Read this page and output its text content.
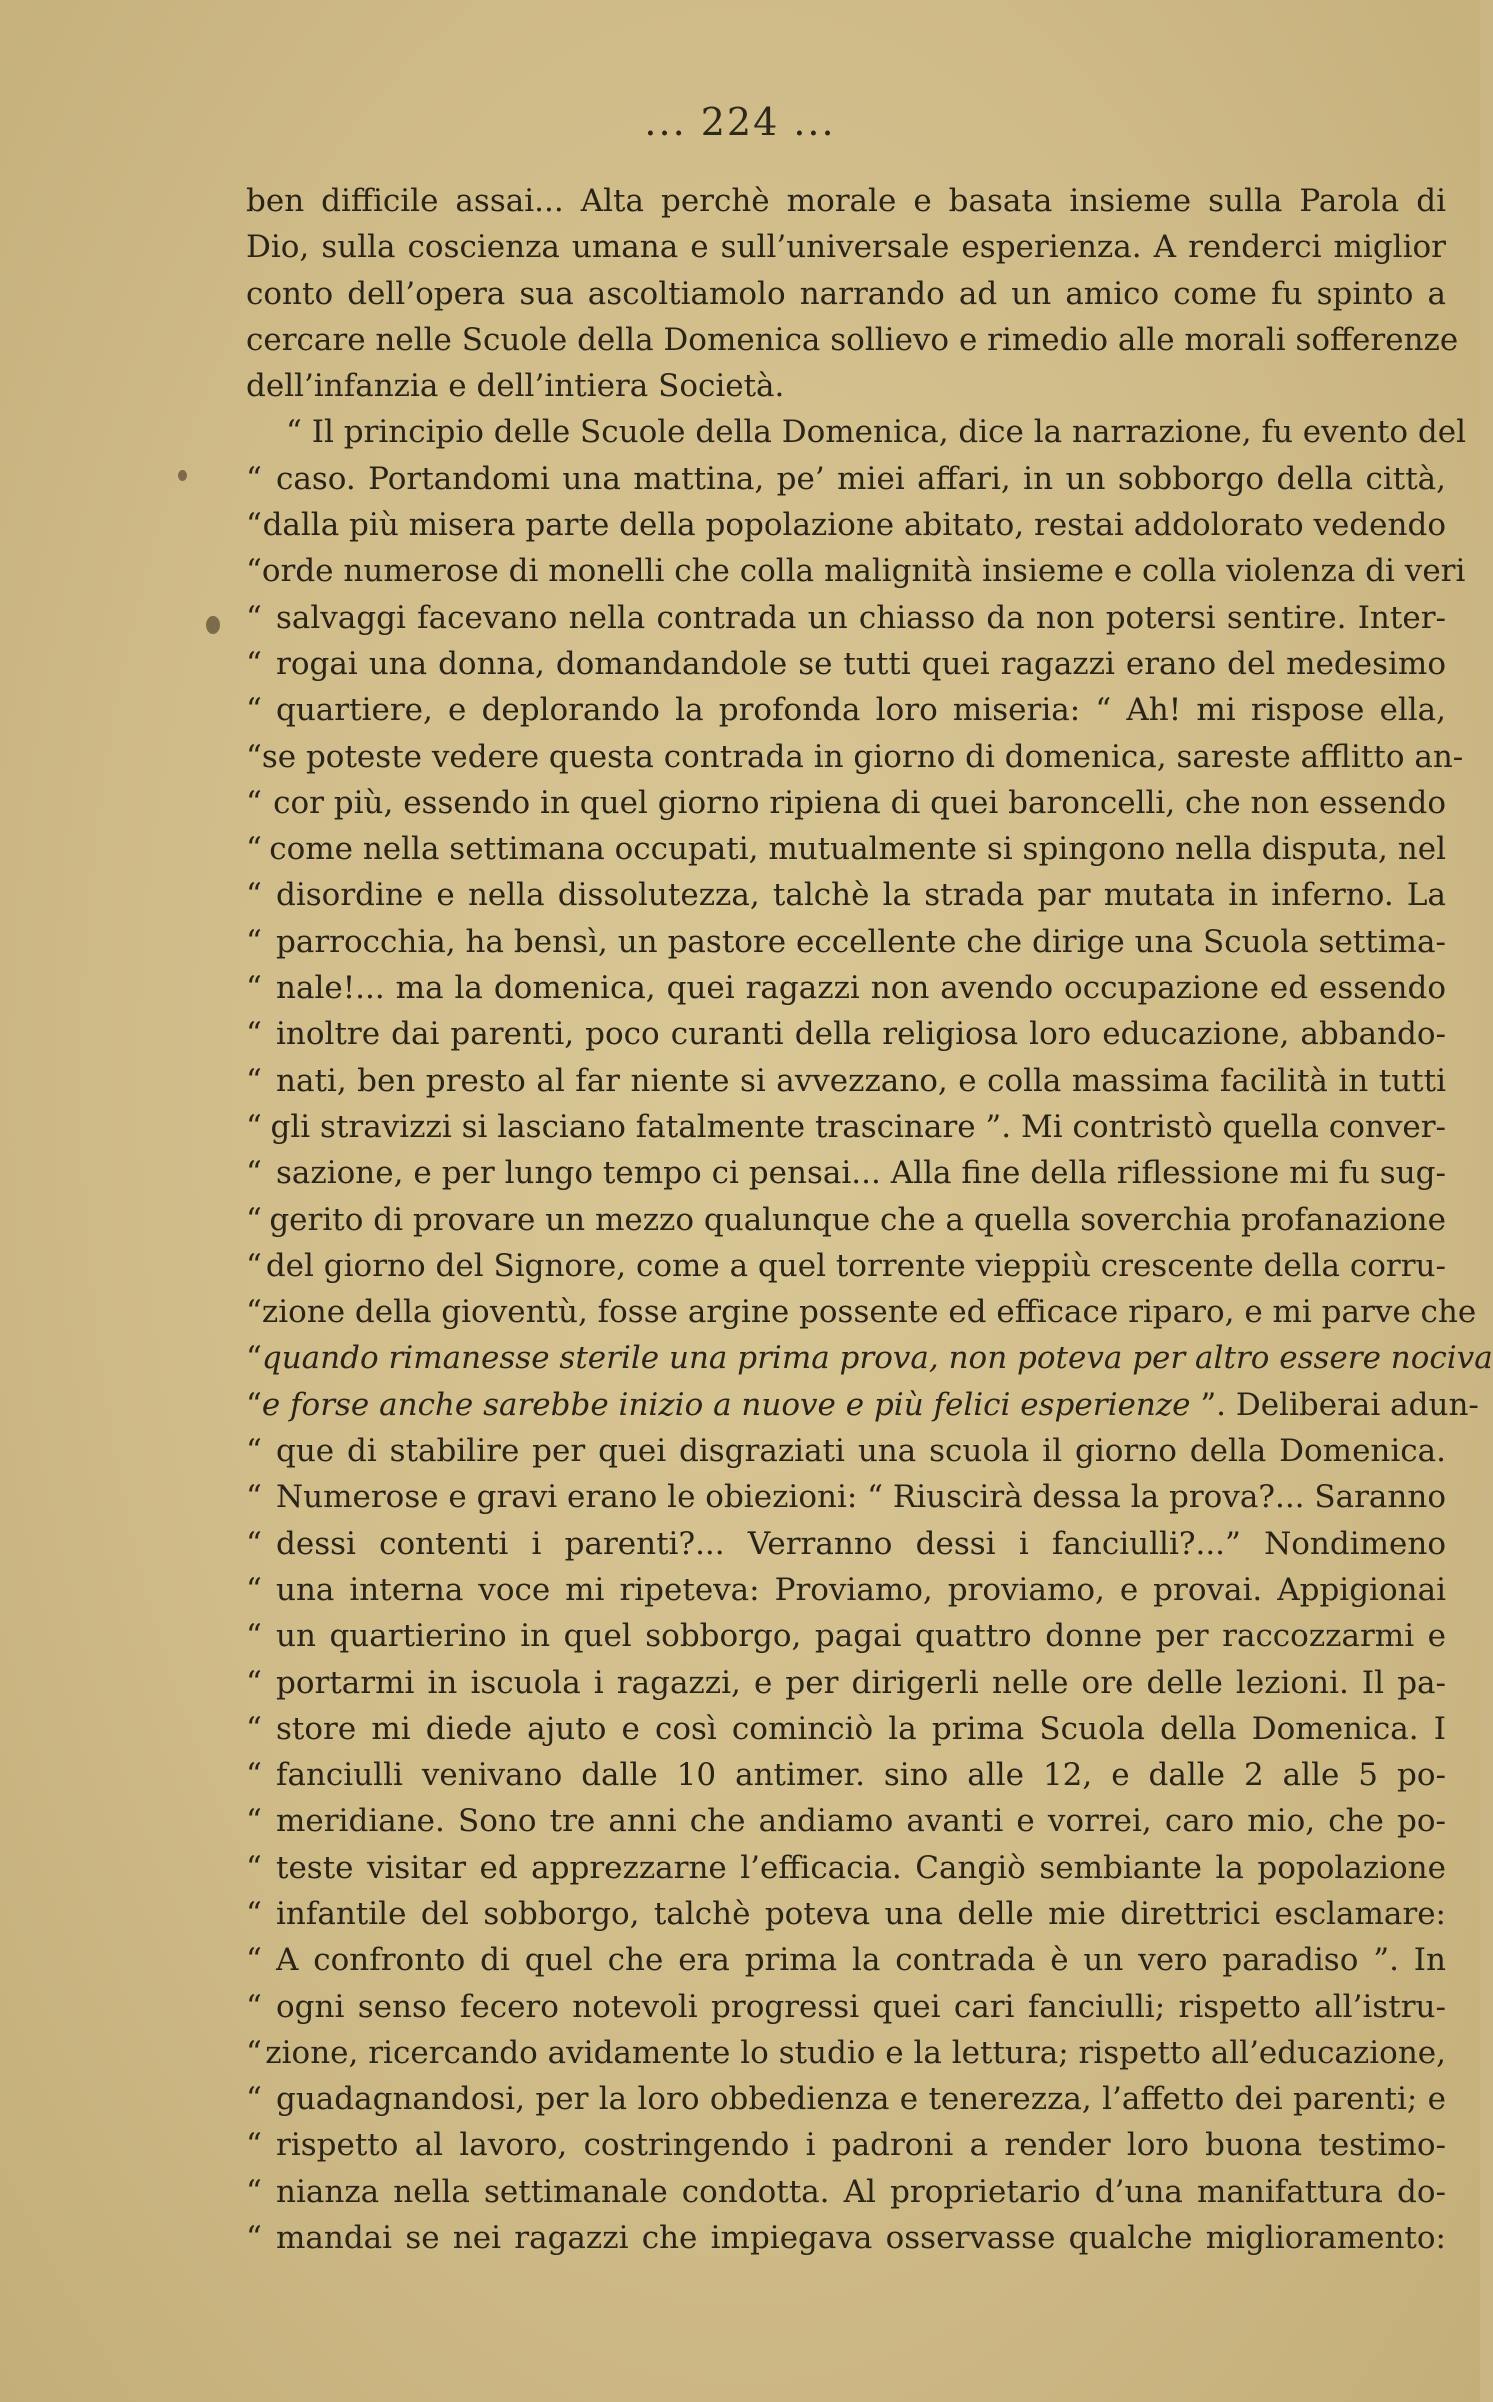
... 224 ...
ben difficile assai... Alta perchè morale e basata insieme sulla Parola di
Dio, sulla coscienza umana e sull’universale esperienza. A renderci miglior
conto dell’opera sua ascoltiamolo narrando ad un amico come fu spinto a
cercare nelle Scuole della Domenica sollievo e rimedio alle morali sofferenze
dell’infanzia e dell’intiera Società.
“ Il principio delle Scuole della Domenica, dice la narrazione, fu evento del
“ caso. Portandomi una mattina, pe’ miei affari, in un sobborgo della città,
“ dalla più misera parte della popolazione abitato, restai addolorato vedendo
“ orde numerose di monelli che colla malignità insieme e colla violenza di veri
“ salvaggi facevano nella contrada un chiasso da non potersi sentire. Inter-
“ rogai una donna, domandandole se tutti quei ragazzi erano del medesimo
“ quartiere, e deplorando la profonda loro miseria: “ Ah! mi rispose ella,
“ se poteste vedere questa contrada in giorno di domenica, sareste afflitto an-
“ cor più, essendo in quel giorno ripiena di quei baroncelli, che non essendo
“ come nella settimana occupati, mutualmente si spingono nella disputa, nel
“ disordine e nella dissolutezza, talchè la strada par mutata in inferno. La
“ parrocchia, ha bensì, un pastore eccellente che dirige una Scuola settima-
“ nale!... ma la domenica, quei ragazzi non avendo occupazione ed essendo
“ inoltre dai parenti, poco curanti della religiosa loro educazione, abbando-
“ nati, ben presto al far niente si avvezzano, e colla massima facilità in tutti
“ gli stravizzi si lasciano fatalmente trascinare ”. Mi contristò quella conver-
“ sazione, e per lungo tempo ci pensai... Alla fine della riflessione mi fu sug-
“ gerito di provare un mezzo qualunque che a quella soverchia profanazione
“ del giorno del Signore, come a quel torrente vieppiù crescente della corru-
“ zione della gioventù, fosse argine possente ed efficace riparo, e mi parve che
“ quando rimanesse sterile una prima prova, non poteva per altro essere nociva
“ e forse anche sarebbe inizio a nuove e più felici esperienze ”. Deliberai adun-
“ que di stabilire per quei disgraziati una scuola il giorno della Domenica.
“ Numerose e gravi erano le obiezioni: “ Riuscirà dessa la prova?... Saranno
“ dessi contenti i parenti?... Verranno dessi i fanciulli?...” Nondimeno
“ una interna voce mi ripeteva: Proviamo, proviamo, e provai. Appigionai
“ un quartierino in quel sobborgo, pagai quattro donne per raccozzarmi e
“ portarmi in iscuola i ragazzi, e per dirigerli nelle ore delle lezioni. Il pa-
“ store mi diede ajuto e così cominciò la prima Scuola della Domenica. I
“ fanciulli venivano dalle 10 antimer. sino alle 12, e dalle 2 alle 5 po-
“ meridiane. Sono tre anni che andiamo avanti e vorrei, caro mio, che po-
“ teste visitar ed apprezzarne l’efficacia. Cangiò sembiante la popolazione
“ infantile del sobborgo, talchè poteva una delle mie direttrici esclamare:
“ A confronto di quel che era prima la contrada è un vero paradiso ”. In
“ ogni senso fecero notevoli progressi quei cari fanciulli; rispetto all’istru-
“ zione, ricercando avidamente lo studio e la lettura; rispetto all’educazione,
“ guadagnandosi, per la loro obbedienza e tenerezza, l’affetto dei parenti; e
“ rispetto al lavoro, costringendo i padroni a render loro buona testimo-
“ nianza nella settimanale condotta. Al proprietario d’una manifattura do-
“ mandai se nei ragazzi che impiegava osservasse qualche miglioramento:
